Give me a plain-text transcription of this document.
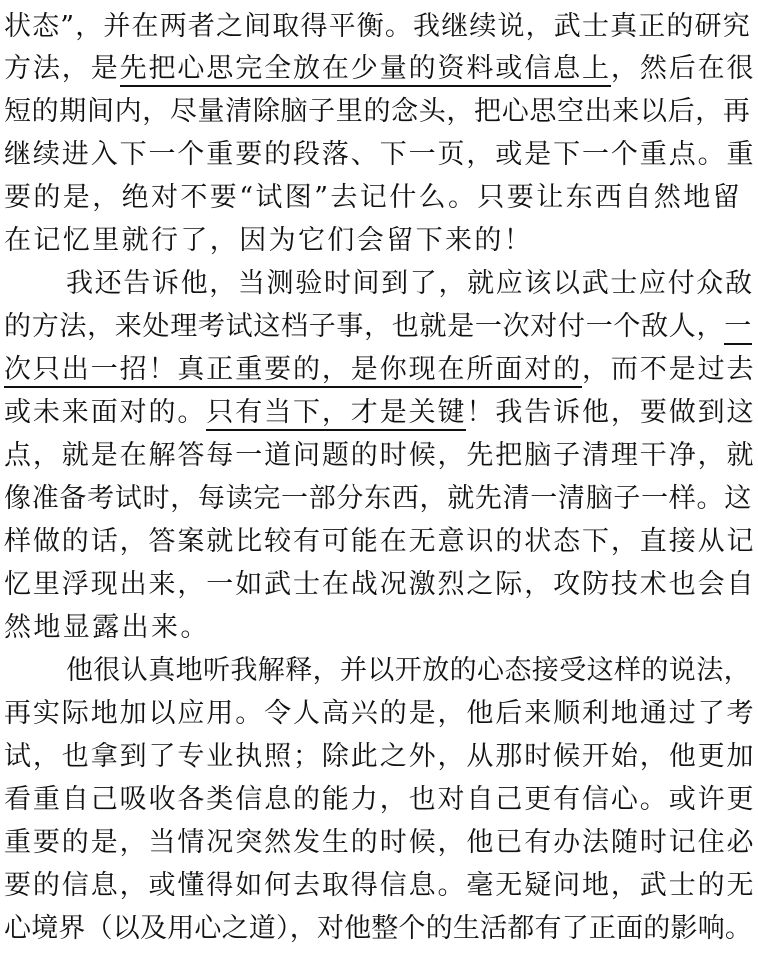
状态”，并在两者之间取得平衡。我继续说，武士真正的研究
方法，是先把心思完全放在少量的资料或信息上，然后在很
短的期间内，尽量清除脑子里的念头，把心思空出来以后，再
继续进入下一个重要的段落、下一页，或是下一个重点。重
要的是，绝对不要“试图”去记什么。只要让东西自然地留
在记忆里就行了，因为它们会留下来的！
我还告诉他，当测验时间到了，就应该以武士应付众敌
的方法，来处理考试这档子事，也就是一次对付一个敌人，一
次只出一招！真正重要的，是你现在所面对的，而不是过去
或未来面对的。只有当下，才是关键！我告诉他，要做到这
点，就是在解答每一道问题的时候，先把脑子清理干净，就
像准备考试时，每读完一部分东西，就先清一清脑子一样。这
样做的话，答案就比较有可能在无意识的状态下，直接从记
忆里浮现出来，一如武士在战况激烈之际，攻防技术也会自
然地显露出来。
他很认真地听我解释，并以开放的心态接受这样的说法，
再实际地加以应用。令人高兴的是，他后来顺利地通过了考
试，也拿到了专业执照；除此之外，从那时候开始，他更加
看重自己吸收各类信息的能力，也对自己更有信心。或许更
重要的是，当情况突然发生的时候，他已有办法随时记住必
要的信息，或懂得如何去取得信息。毫无疑问地，武士的无
心境界（以及用心之道），对他整个的生活都有了正面的影响。
